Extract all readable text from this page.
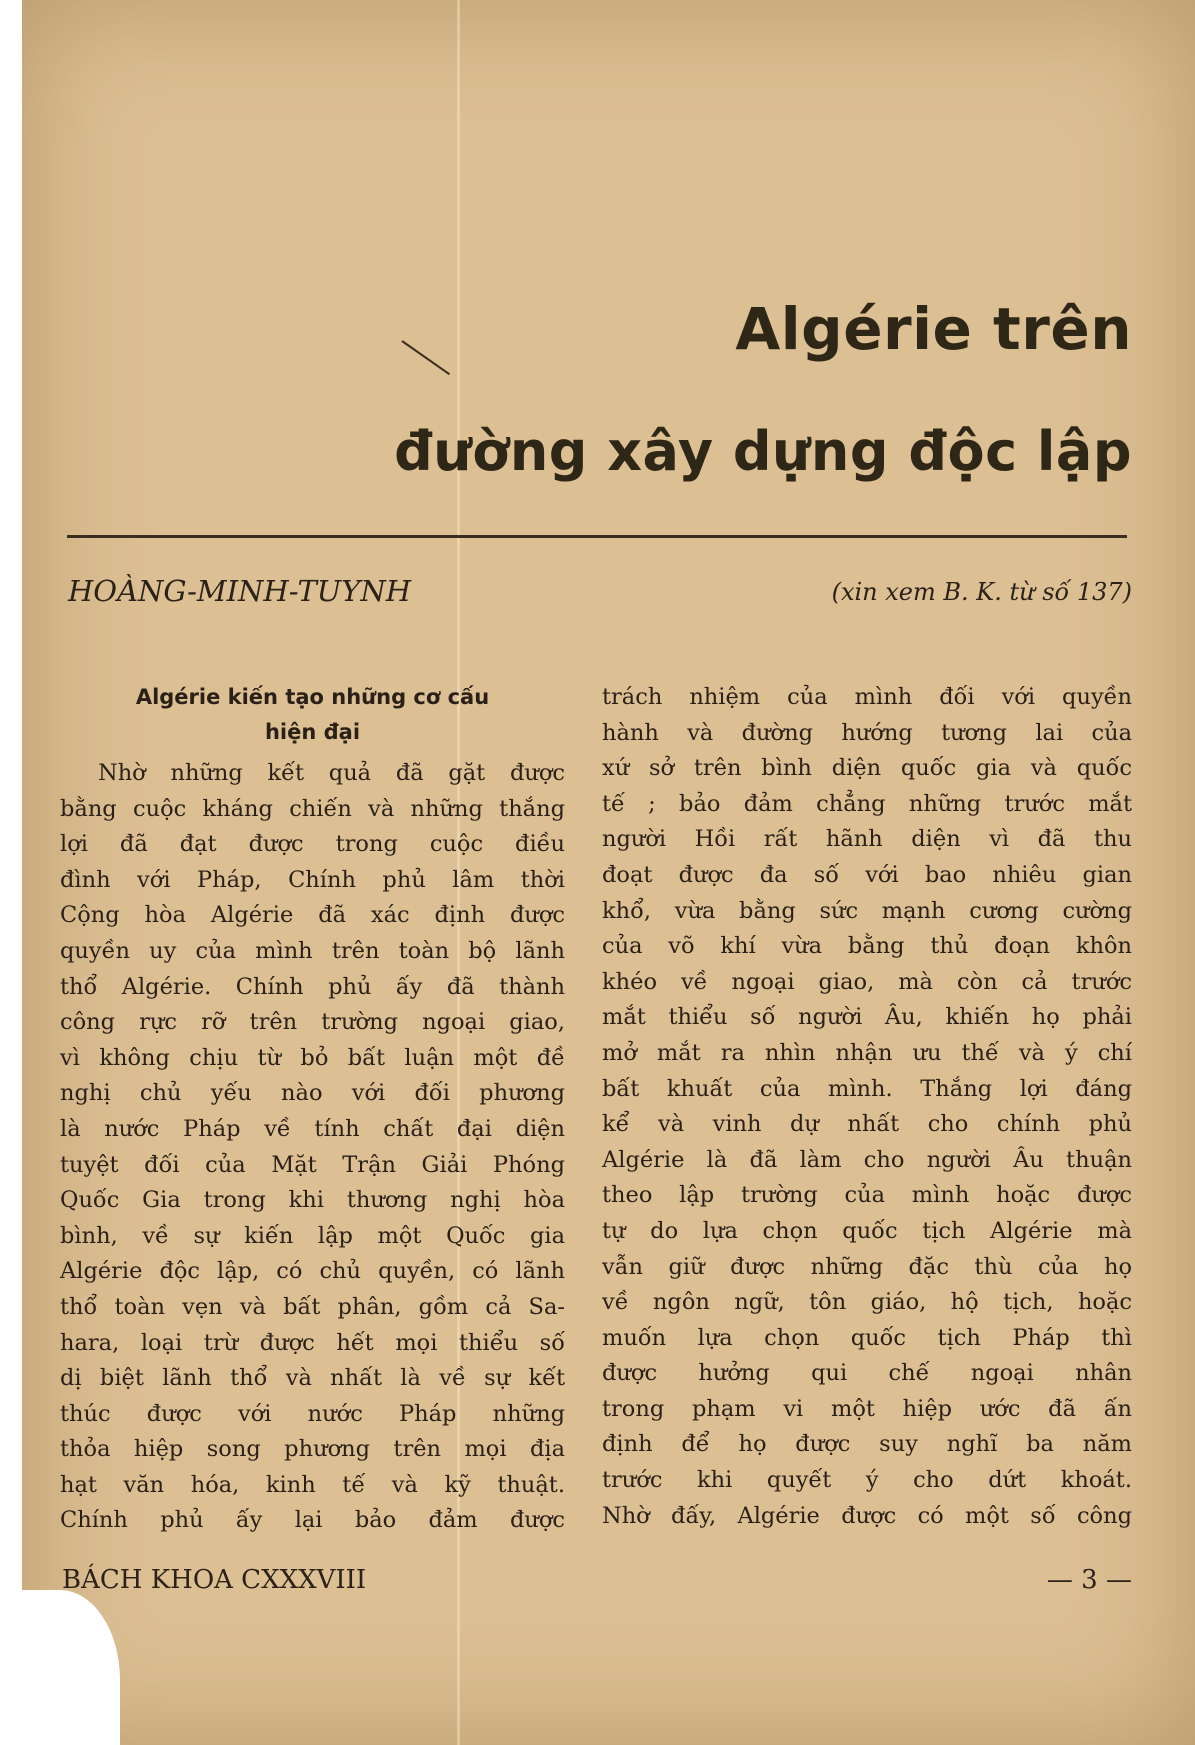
Algérie trên
đường xây dựng độc lập
HOÀNG-MINH-TUYNH	(xin xem B. K. từ số 137)
Algérie kiến tạo những cơ cấu
hiện đại
Nhờ những kết quả đã gặt được
bằng cuộc kháng chiến và những thắng
lợi đã đạt được trong cuộc điều
đình với Pháp, Chính phủ lâm thời
Cộng hòa Algérie đã xác định được
quyền uy của mình trên toàn bộ lãnh
thổ Algérie. Chính phủ ấy đã thành
công rực rỡ trên trường ngoại giao,
vì không chịu từ bỏ bất luận một đề
nghị chủ yếu nào với đối phương
là nước Pháp về tính chất đại diện
tuyệt đối của Mặt Trận Giải Phóng
Quốc Gia trong khi thương nghị hòa
bình, về sự kiến lập một Quốc gia
Algérie độc lập, có chủ quyền, có lãnh
thổ toàn vẹn và bất phân, gồm cả Sa-
hara, loại trừ được hết mọi thiểu số
dị biệt lãnh thổ và nhất là về sự kết
thúc được với nước Pháp những
thỏa hiệp song phương trên mọi địa
hạt văn hóa, kinh tế và kỹ thuật.
Chính phủ ấy lại bảo đảm được
trách nhiệm của mình đối với quyền
hành và đường hướng tương lai của
xứ sở trên bình diện quốc gia và quốc
tế ; bảo đảm chẳng những trước mắt
người Hồi rất hãnh diện vì đã thu
đoạt được đa số với bao nhiêu gian
khổ, vừa bằng sức mạnh cương cường
của võ khí vừa bằng thủ đoạn khôn
khéo về ngoại giao, mà còn cả trước
mắt thiểu số người Âu, khiến họ phải
mở mắt ra nhìn nhận ưu thế và ý chí
bất khuất của mình. Thắng lợi đáng
kể và vinh dự nhất cho chính phủ
Algérie là đã làm cho người Âu thuận
theo lập trường của mình hoặc được
tự do lựa chọn quốc tịch Algérie mà
vẫn giữ được những đặc thù của họ
về ngôn ngữ, tôn giáo, hộ tịch, hoặc
muốn lựa chọn quốc tịch Pháp thì
được hưởng qui chế ngoại nhân
trong phạm vi một hiệp ước đã ấn
định để họ được suy nghĩ ba năm
trước khi quyết ý cho dứt khoát.
Nhờ đấy, Algérie được có một số công
BÁCH KHOA CXXXVIII	— 3 —
